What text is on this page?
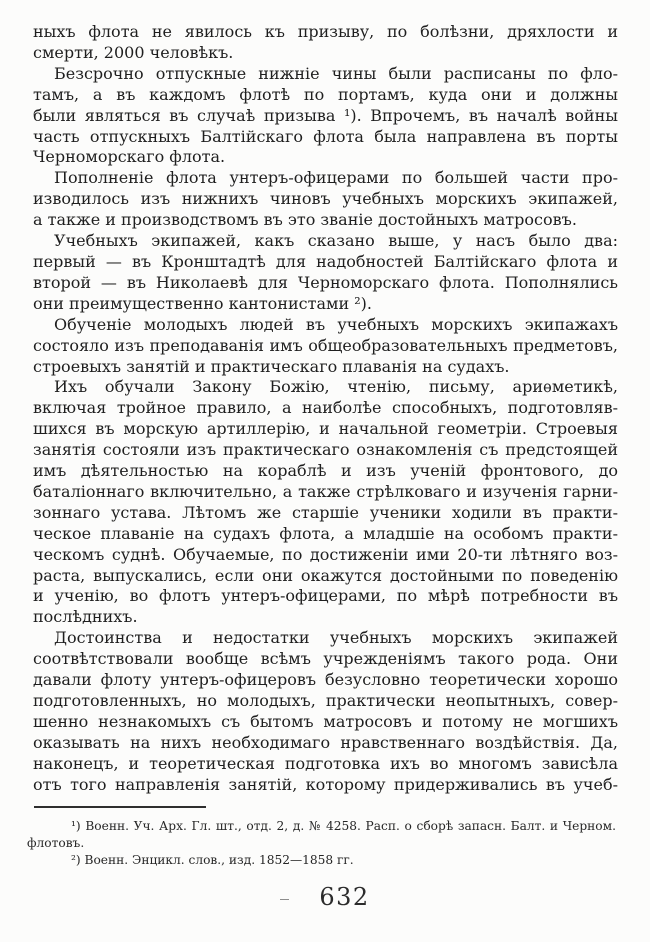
ныхъ флота не явилось къ призыву, по болѣзни, дряхлости и
смерти, 2000 человѣкъ.
Безсрочно отпускные нижніе чины были расписаны по фло-
тамъ, а въ каждомъ флотѣ по портамъ, куда они и должны
были являться въ случаѣ призыва ¹). Впрочемъ, въ началѣ войны
часть отпускныхъ Балтійскаго флота была направлена въ порты
Черноморскаго флота.
Пополненіе флота унтеръ-офицерами по большей части про-
изводилось изъ нижнихъ чиновъ учебныхъ морскихъ экипажей,
а также и производствомъ въ это званіе достойныхъ матросовъ.
Учебныхъ экипажей, какъ сказано выше, у насъ было два:
первый — въ Кронштадтѣ для надобностей Балтійскаго флота и
второй — въ Николаевѣ для Черноморскаго флота. Пополнялись
они преимущественно кантонистами ²).
Обученіе молодыхъ людей въ учебныхъ морскихъ экипажахъ
состояло изъ преподаванія имъ общеобразовательныхъ предметовъ,
строевыхъ занятій и практическаго плаванія на судахъ.
Ихъ обучали Закону Божію, чтенію, письму, ариѳметикѣ,
включая тройное правило, а наиболѣе способныхъ, подготовляв-
шихся въ морскую артиллерію, и начальной геометріи. Строевыя
занятія состояли изъ практическаго ознакомленія съ предстоящей
имъ дѣятельностью на кораблѣ и изъ ученій фронтового, до
баталіоннаго включительно, а также стрѣлковаго и изученія гарни-
зоннаго устава. Лѣтомъ же старшіе ученики ходили въ практи-
ческое плаваніе на судахъ флота, а младшіе на особомъ практи-
ческомъ суднѣ. Обучаемые, по достиженіи ими 20-ти лѣтняго воз-
раста, выпускались, если они окажутся достойными по поведенію
и ученію, во флотъ унтеръ-офицерами, по мѣрѣ потребности въ
послѣднихъ.
Достоинства и недостатки учебныхъ морскихъ экипажей
соотвѣтствовали вообще всѣмъ учрежденіямъ такого рода. Они
давали флоту унтеръ-офицеровъ безусловно теоретически хорошо
подготовленныхъ, но молодыхъ, практически неопытныхъ, совер-
шенно незнакомыхъ съ бытомъ матросовъ и потому не могшихъ
оказывать на нихъ необходимаго нравственнаго воздѣйствія. Да,
наконецъ, и теоретическая подготовка ихъ во многомъ зависѣла
отъ того направленія занятій, которому придерживались въ учеб-
¹) Военн. Уч. Арх. Гл. шт., отд. 2, д. № 4258. Расп. о сборѣ запасн. Балт. и Черном.
флотовъ.
²) Военн. Энцикл. слов., изд. 1852—1858 гг.
632
